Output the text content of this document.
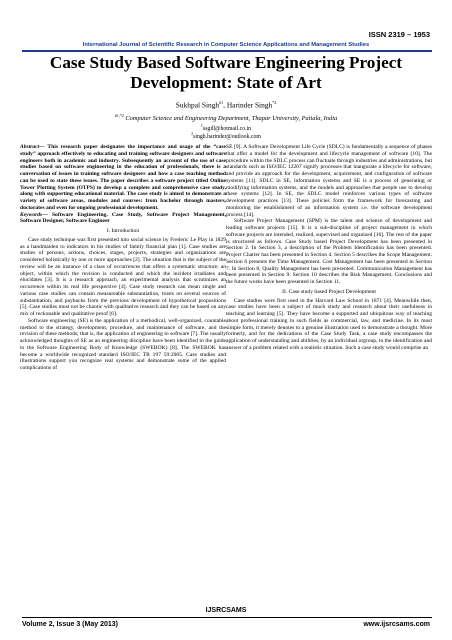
ISSN 2319 – 1953
International Journal of Scientific Research in Computer Science Applications and Management Studies
Case Study Based Software Engineering Project Development: State of Art
Sukhpal Singh$^{\#1}$, Harinder Singh$^{*2}$
$^{\#1,*2}$ Computer Science and Engineering Department, Thapar University, Patiala, India
$^1$ssgill@hotmail.co.in
$^2$singh.harinder@outlook.com

Abstract— This research paper designates the importance and usage of the “case study” approach effectively to educating and training software designers and software engineers both in academic and industry. Subsequently an account of the use of case studies based on software engineering in the education of professionals, there is a conversation of issues in training software designers and how a case teaching method can be used to state these issues. The paper describes a software project titled Online Tower Plotting System (OTPS) to develop a complete and comprehensive case study, along with supporting educational material. The case study is aimed to demonstrate a variety of software areas, modules and courses: from bachelor through masters, doctorates and even for ongoing professional development.

Keywords— Software Engineering, Case Study, Software Project Management, Software Designer, Software Engineer

I. Introduction

Case study technique was first presented into social science by Frederic Le Play in 1829 as a handmaiden to indicators in his studies of family financial plan [1]. Case studies are studies of persons, actions, choices, stages, projects, strategies and organizations are considered holistically by one or more approaches [2]. The situation that is the subject of the review will be an instance of a class of occurrences that offers a systematic structure; an object, within which the revision is conducted and which the incident irradiates and elucidates [3]. It is a research approach, an experimental analysis that scrutinizes an occurrence within its real life perspective [4]. Case study research can mean single and various case studies can contain measureable substantiation, trusts on several sources of substantiation, and paybacks from the previous development of hypothetical propositions [5]. Case studies must not be chaotic with qualitative research and they can be based on any mix of reckonable and qualitative proof [6].

Software engineering (SE) is the application of a methodical, well-organized, countable method to the strategy, development, procedure, and maintenance of software, and the revision of these methods; that is, the application of engineering to software [7]. The usually acknowledged thoughts of SE as an engineering discipline have been identified in the guide to the Software Engineering Body of Knowledge (SWEBOK) [8]. The SWEBOK has become a worldwide recognized standard ISO/IEC TR 197 59:2005. Case studies and illustrations support you recognize real systems and demonstrate some of the applied complications of

SE [9]. A Software Development Life Cycle (SDLC) is fundamentally a sequence of phases that offer a model for the development and lifecycle management of software [10]. The procedure within the SDLC process can fluctuate through industries and administrations, but standards such as ISO/IEC 12207 signify processes that inaugurate a lifecycle for software, and provide an approach for the development, acquirement, and configuration of software systems [11]. SDLC in SE, information systems and SE is a process of generating or modifying information systems, and the models and approaches that people use to develop these systems [12]. In SE, the SDLC model reinforces various types of software development practices [13]. These policies form the framework for forecasting and monitoring the establishment of an information system i.e. the software development process [14].

Software Project Management (SPM) is the talent and science of development and leading software projects [15]. It is a sub-discipline of project management in which software projects are intended, realized, supervised and organized [16]. The rest of the paper is structured as follows. Case Study based Project Development has been presented in Section 2. In Section 3, a description of the Problem Identification has been presented. Project Charter has been presented in Section 4. Section 5 describes the Scope Management. Section 6 presents the Time Management. Cost Management has been presented in Section 7. In Section 8, Quality Management has been presented. Communication Management has been presented in Section 9. Section 10 describes the Risk Management. Conclusions and the future works have been presented in Section 11.

II. Case study based Project Development

Case studies were first used in the Harvard Law School in 1871 [4]. Meanwhile then, case studies have been a subject of much study and research about their usefulness in teaching and learning [5]. They have become a supported and ubiquitous way of teaching about professional training in such fields as commercial, law, and medicine. In its most simple form, it merely denotes to a genuine illustration used to demonstrate a thought. More formerly, and for the dedications of the Case Study Task, a case study encompasses the application of understanding and abilities, by an individual orgroup, to the identification and answer of a problem related with a realistic situation. Such a case study would comprise an

IJSRCSAMS
Volume 2, Issue 3 (May 2013)	www.ijsrcsams.com
